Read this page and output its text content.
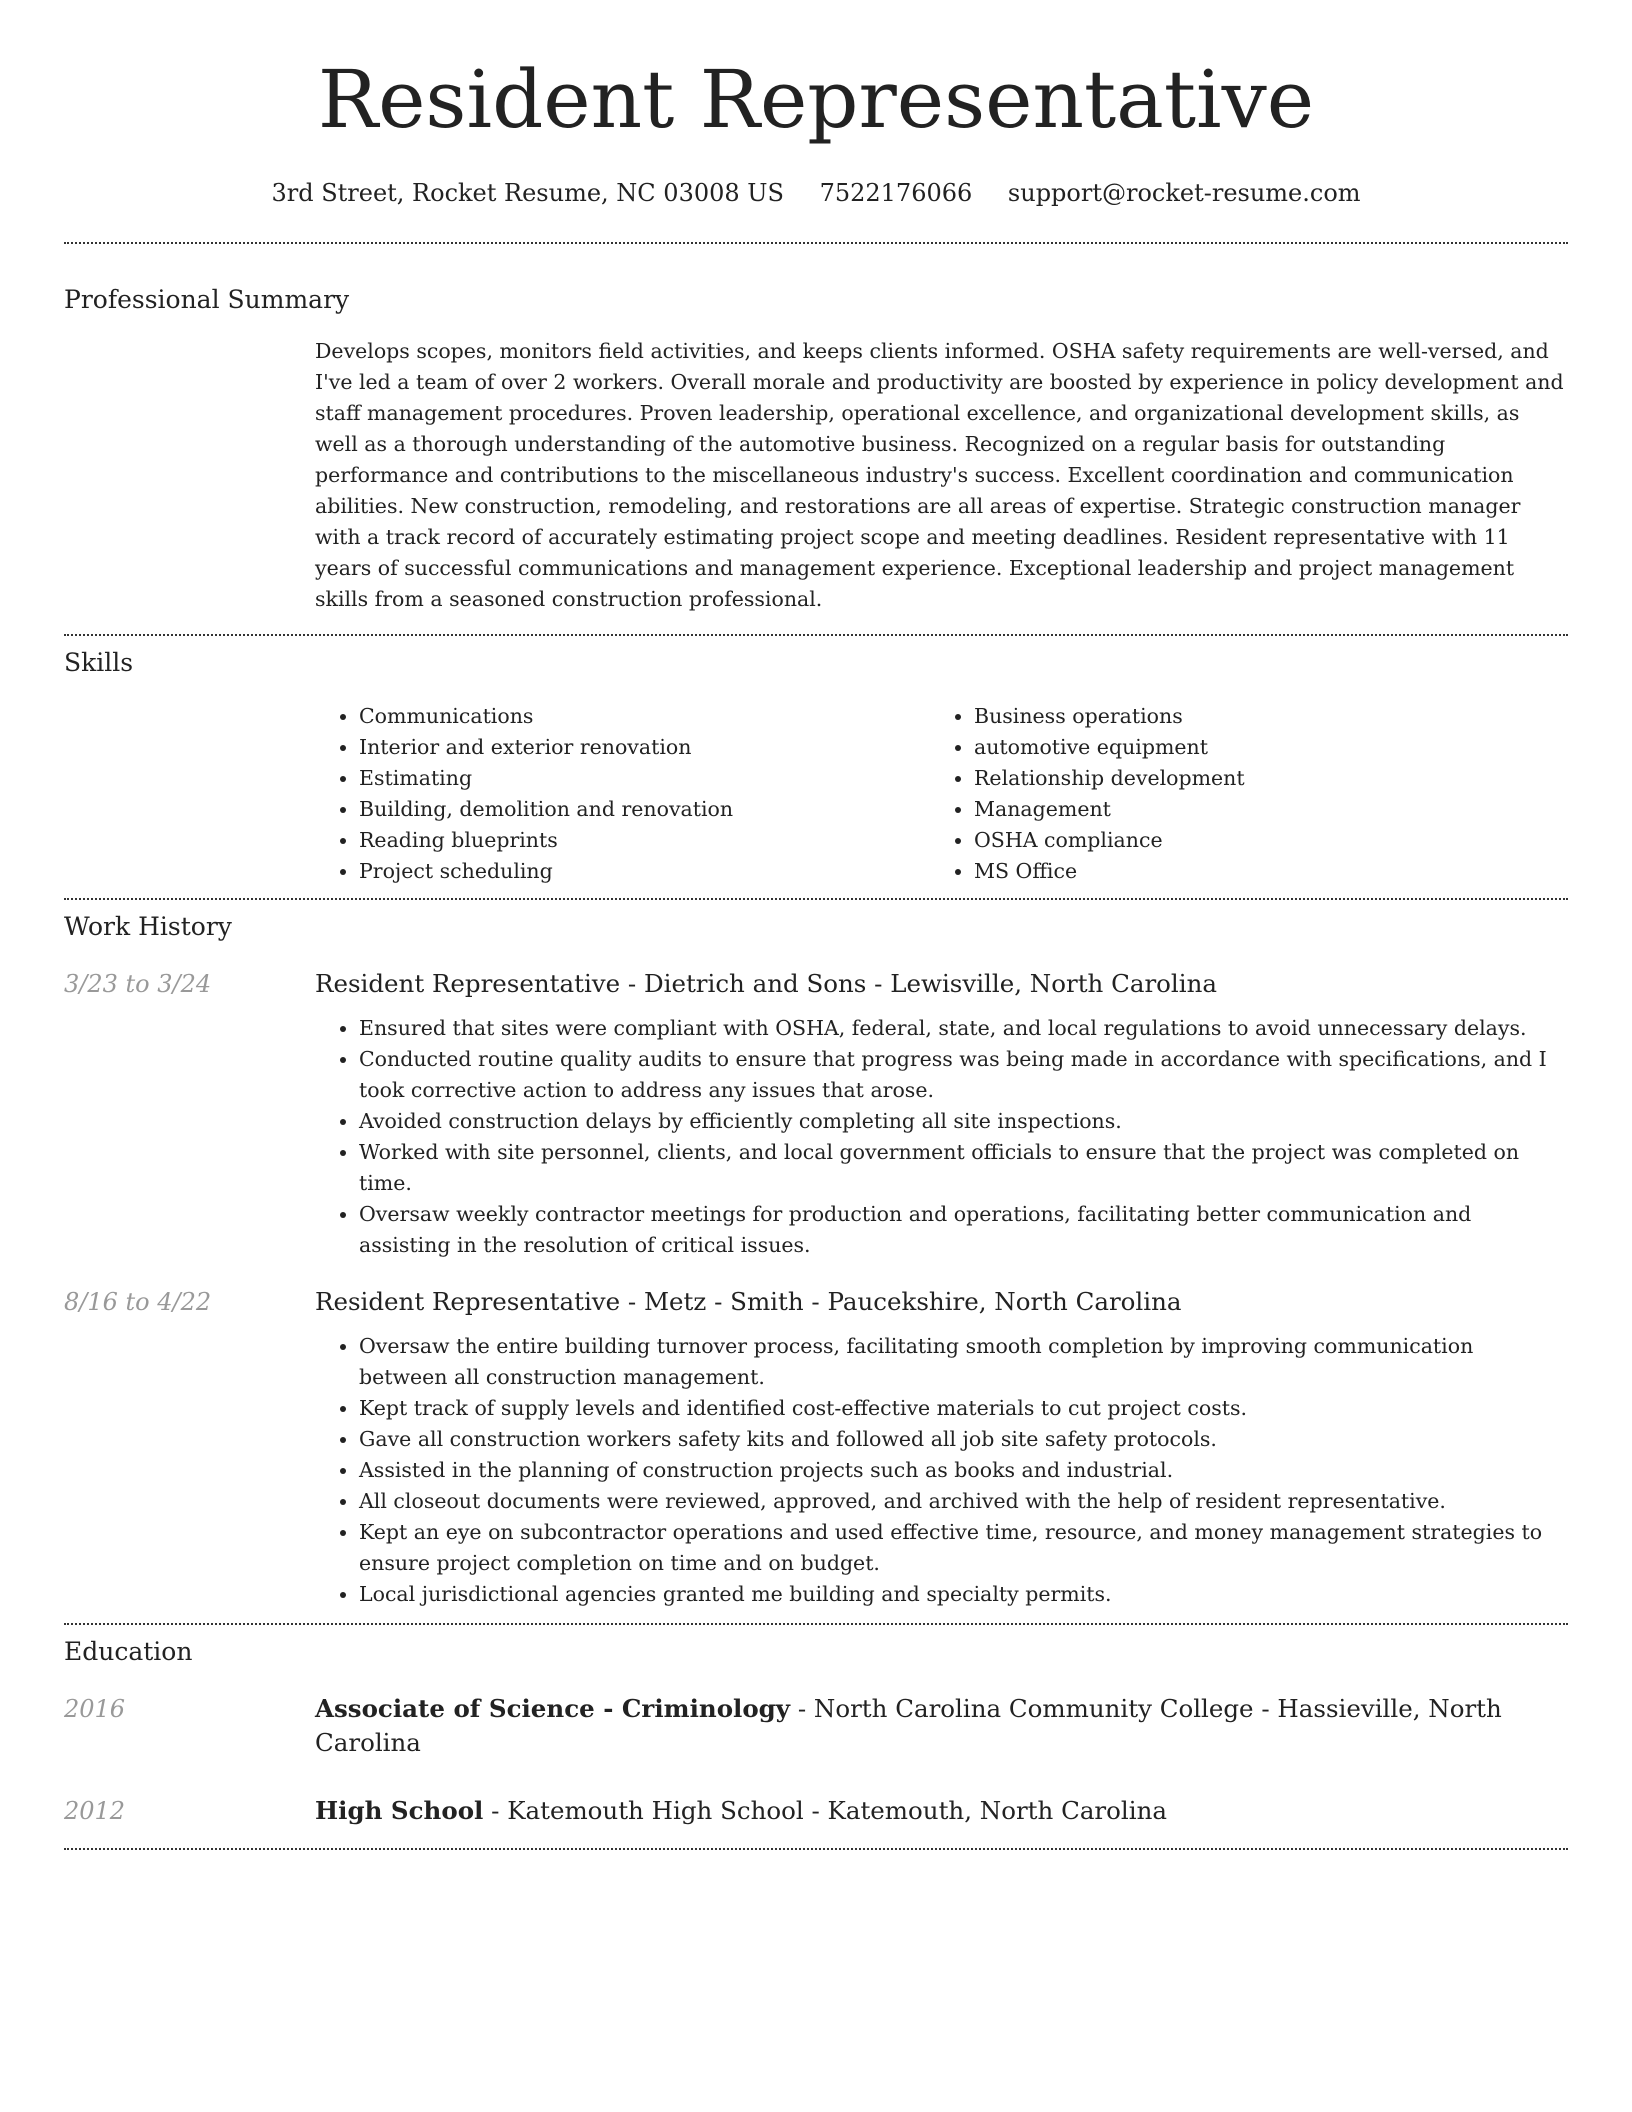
Resident Representative
3rd Street, Rocket Resume, NC 03008 US 7522176066 support@rocket-resume.com
Professional Summary
Develops scopes, monitors field activities, and keeps clients informed. OSHA safety requirements are well-versed, and I've led a team of over 2 workers. Overall morale and productivity are boosted by experience in policy development and staff management procedures. Proven leadership, operational excellence, and organizational development skills, as well as a thorough understanding of the automotive business. Recognized on a regular basis for outstanding performance and contributions to the miscellaneous industry's success. Excellent coordination and communication abilities. New construction, remodeling, and restorations are all areas of expertise. Strategic construction manager with a track record of accurately estimating project scope and meeting deadlines. Resident representative with 11 years of successful communications and management experience. Exceptional leadership and project management skills from a seasoned construction professional.
Skills
• Communications
• Interior and exterior renovation
• Estimating
• Building, demolition and renovation
• Reading blueprints
• Project scheduling
• Business operations
• automotive equipment
• Relationship development
• Management
• OSHA compliance
• MS Office
Work History
3/23 to 3/24	Resident Representative - Dietrich and Sons - Lewisville, North Carolina
• Ensured that sites were compliant with OSHA, federal, state, and local regulations to avoid unnecessary delays.
• Conducted routine quality audits to ensure that progress was being made in accordance with specifications, and I took corrective action to address any issues that arose.
• Avoided construction delays by efficiently completing all site inspections.
• Worked with site personnel, clients, and local government officials to ensure that the project was completed on time.
• Oversaw weekly contractor meetings for production and operations, facilitating better communication and assisting in the resolution of critical issues.
8/16 to 4/22	Resident Representative - Metz - Smith - Paucekshire, North Carolina
• Oversaw the entire building turnover process, facilitating smooth completion by improving communication between all construction management.
• Kept track of supply levels and identified cost-effective materials to cut project costs.
• Gave all construction workers safety kits and followed all job site safety protocols.
• Assisted in the planning of construction projects such as books and industrial.
• All closeout documents were reviewed, approved, and archived with the help of resident representative.
• Kept an eye on subcontractor operations and used effective time, resource, and money management strategies to ensure project completion on time and on budget.
• Local jurisdictional agencies granted me building and specialty permits.
Education
2016	Associate of Science - Criminology - North Carolina Community College - Hassieville, North Carolina
2012	High School - Katemouth High School - Katemouth, North Carolina
